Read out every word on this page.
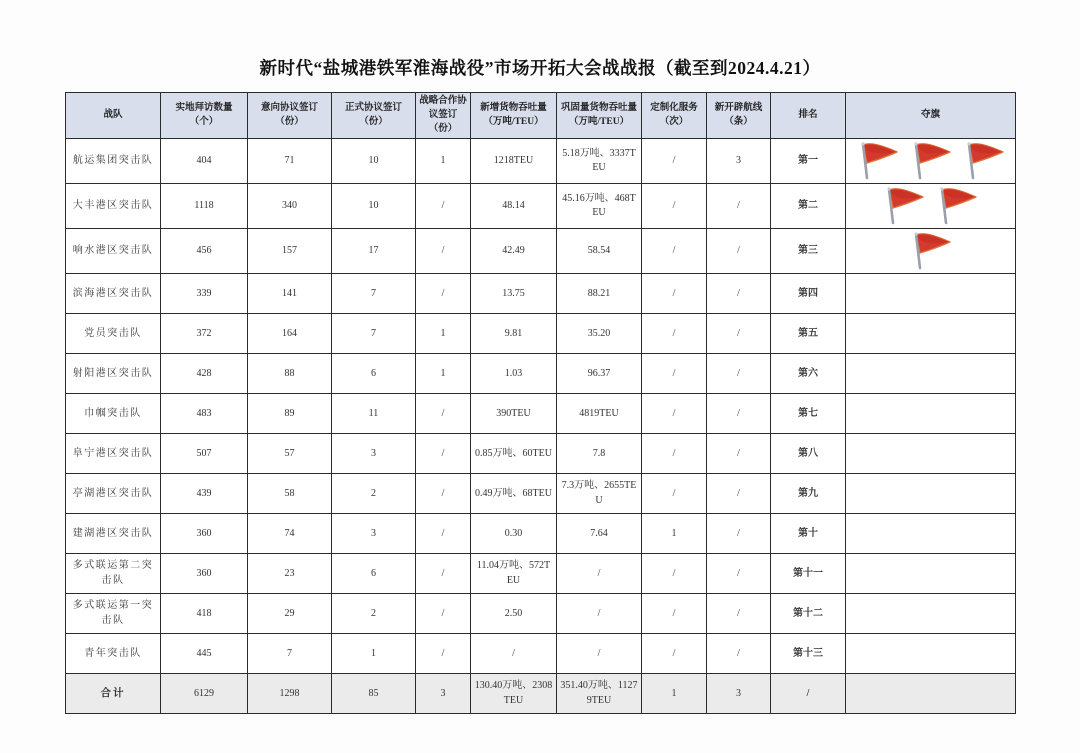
新时代“盐城港铁军淮海战役”市场开拓大会战战报（截至到2024.4.21）
战队	实地拜访数量（个）	意向协议签订（份）	正式协议签订（份）	战略合作协议签订（份）	新增货物吞吐量（万吨/TEU）	巩固量货物吞吐量（万吨/TEU）	定制化服务（次）	新开辟航线（条）	排名	夺旗
航运集团突击队	404	71	10	1	1218TEU	5.18万吨、3337TEU	/	3	第一	

大丰港区突击队	1118	340	10	/	48.14	45.16万吨、468TEU	/	/	第二	

响水港区突击队	456	157	17	/	42.49	58.54	/	/	第三	

滨海港区突击队	339	141	7	/	13.75	88.21	/	/	第四	

党员突击队	372	164	7	1	9.81	35.20	/	/	第五	

射阳港区突击队	428	88	6	1	1.03	96.37	/	/	第六	

巾帼突击队	483	89	11	/	390TEU	4819TEU	/	/	第七	

阜宁港区突击队	507	57	3	/	0.85万吨、60TEU	7.8	/	/	第八	

亭湖港区突击队	439	58	2	/	0.49万吨、68TEU	7.3万吨、2655TEU	/	/	第九	

建湖港区突击队	360	74	3	/	0.30	7.64	1	/	第十	

多式联运第二突击队	360	23	6	/	11.04万吨、572TEU	/	/	/	第十一	

多式联运第一突击队	418	29	2	/	2.50	/	/	/	第十二	

青年突击队	445	7	1	/	/	/	/	/	第十三	

合计	6129	1298	85	3	130.40万吨、2308TEU	351.40万吨、11279TEU	1	3	/	
